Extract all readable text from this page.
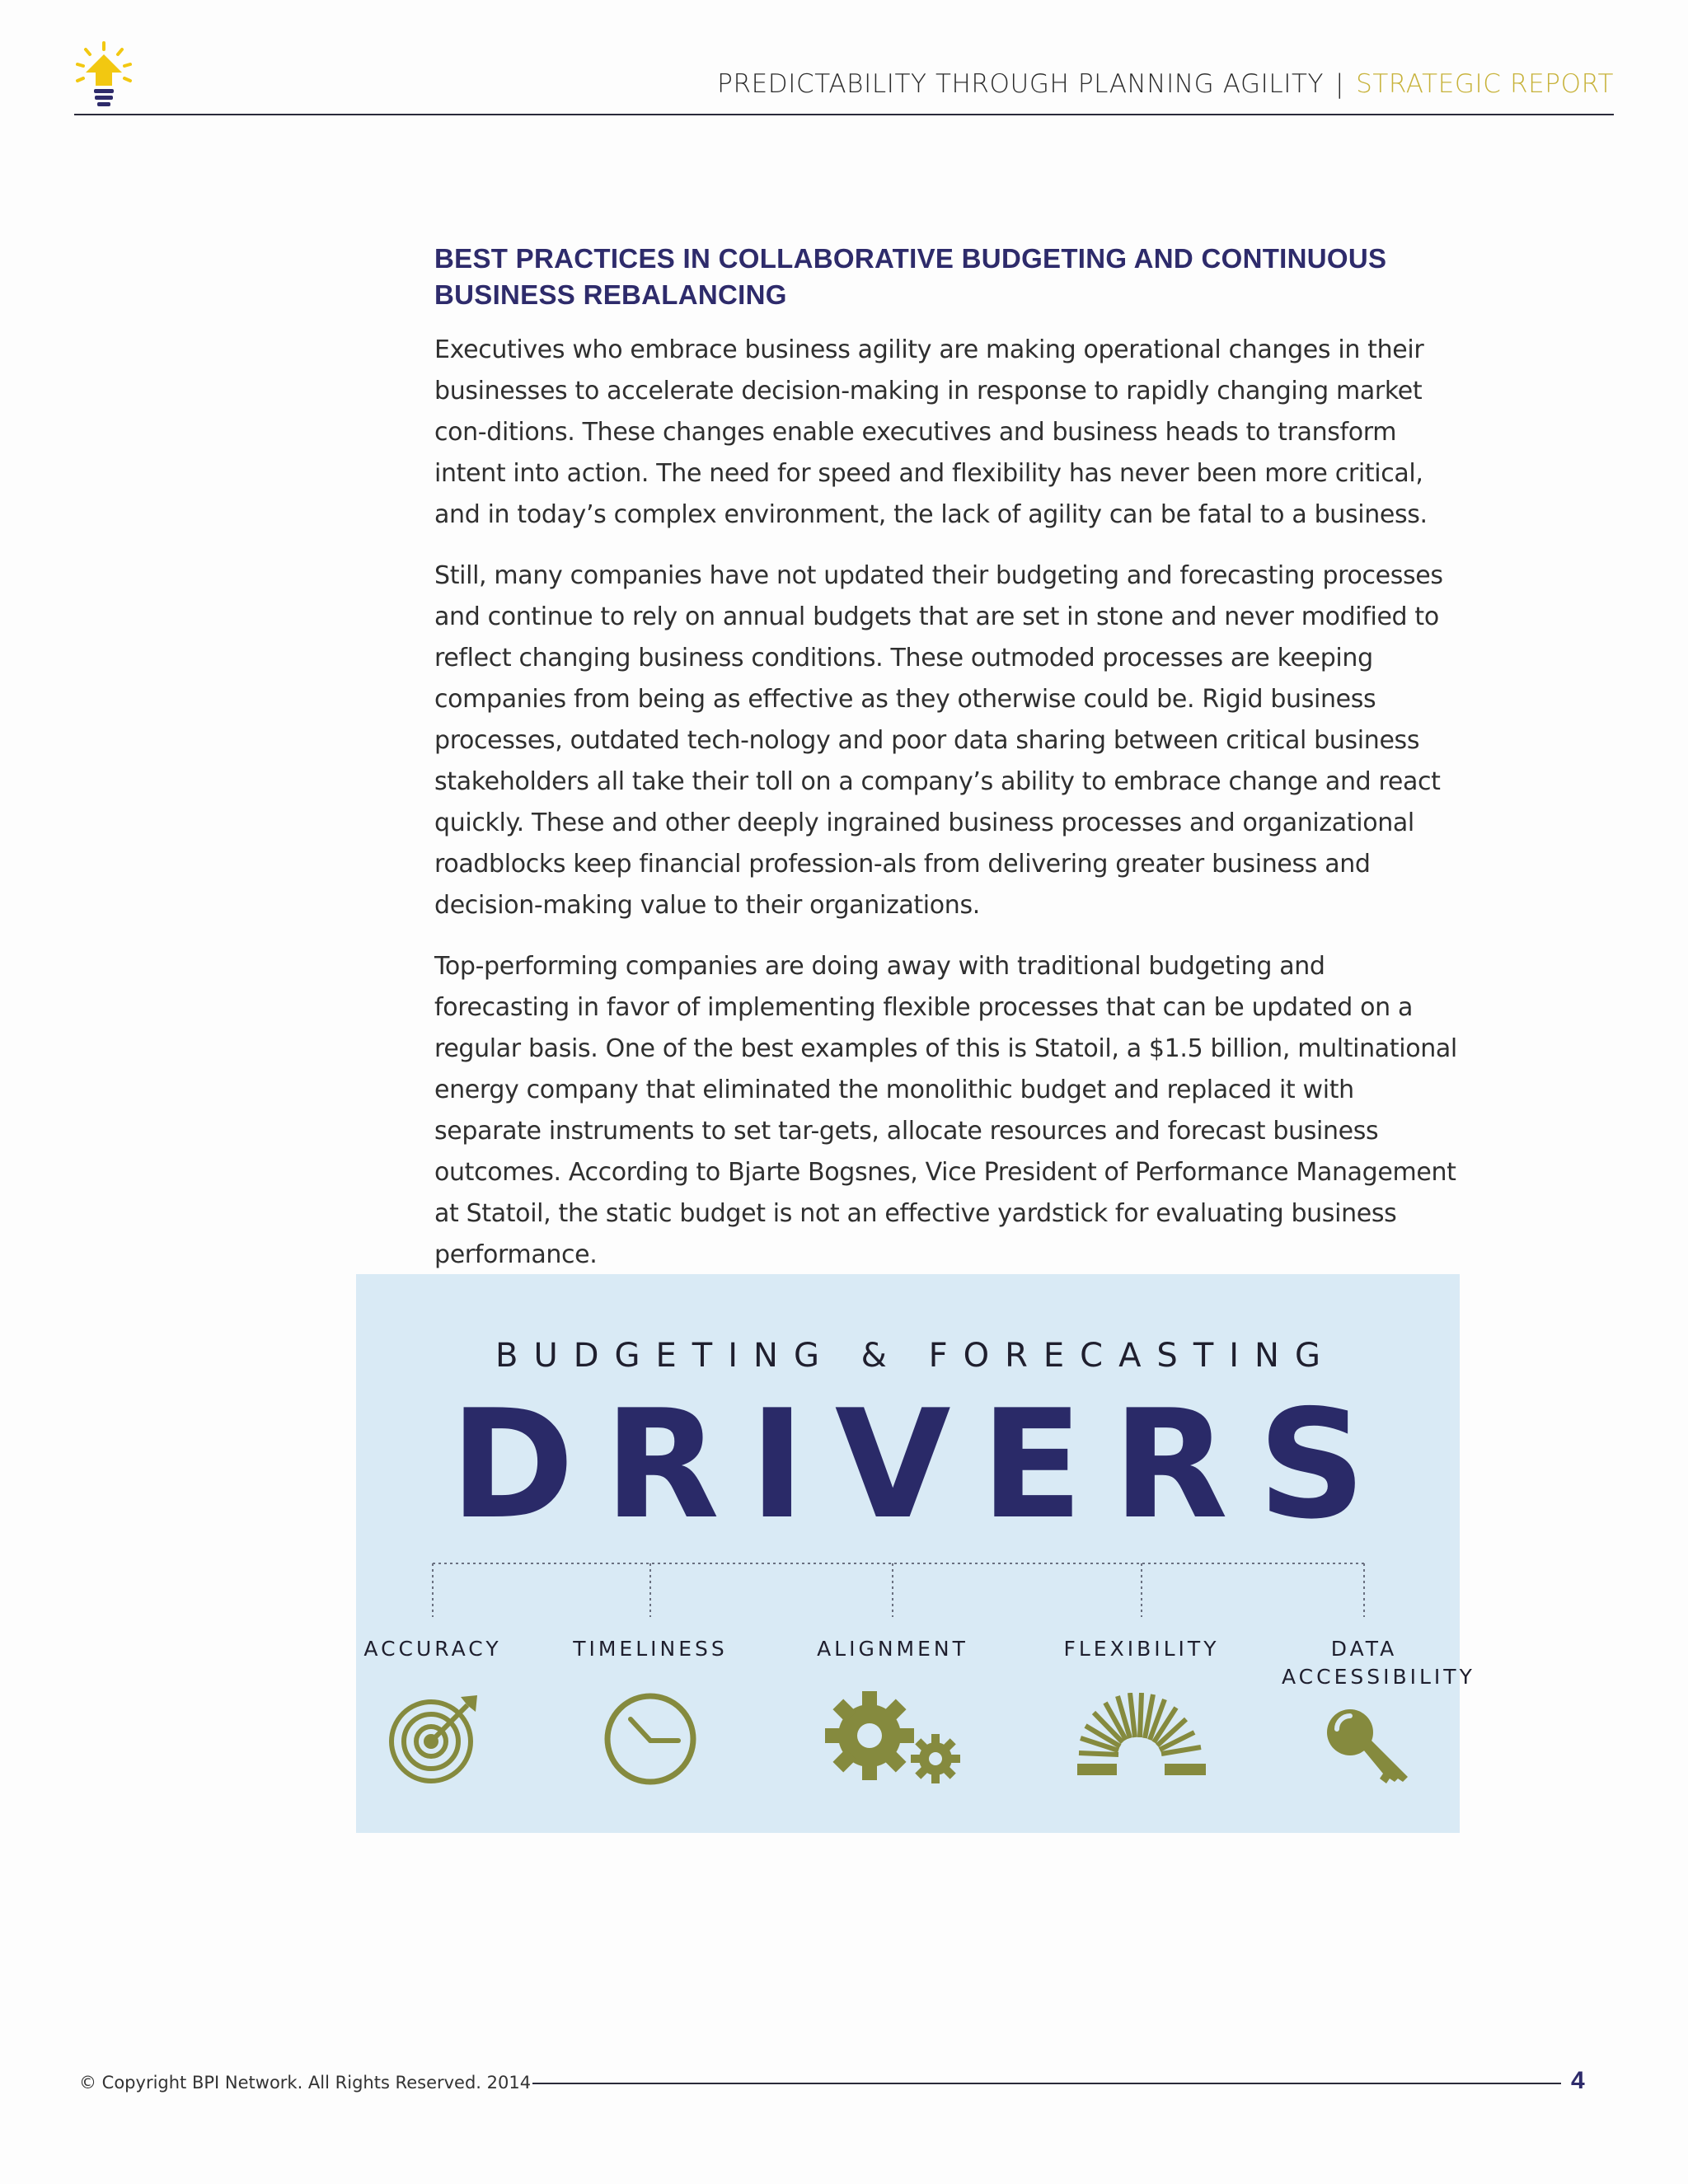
PREDICTABILITY THROUGH PLANNING AGILITY | STRATEGIC REPORT
BEST PRACTICES IN COLLABORATIVE BUDGETING AND CONTINUOUS
BUSINESS REBALANCING

Executives who embrace business agility are making operational changes in their businesses to accelerate decision-making in response to rapidly changing market con-ditions. These changes enable executives and business heads to transform intent into action. The need for speed and flexibility has never been more critical, and in today’s complex environment, the lack of agility can be fatal to a business.

Still, many companies have not updated their budgeting and forecasting processes and continue to rely on annual budgets that are set in stone and never modified to reflect changing business conditions. These outmoded processes are keeping companies from being as effective as they otherwise could be. Rigid business processes, outdated tech-nology and poor data sharing between critical business stakeholders all take their toll on a company’s ability to embrace change and react quickly. These and other deeply ingrained business processes and organizational roadblocks keep financial profession-als from delivering greater business and decision-making value to their organizations.

Top-performing companies are doing away with traditional budgeting and forecasting in favor of implementing flexible processes that can be updated on a regular basis. One of the best examples of this is Statoil, a $1.5 billion, multinational energy company that eliminated the monolithic budget and replaced it with separate instruments to set tar-gets, allocate resources and forecast business outcomes. According to Bjarte Bogsnes, Vice President of Performance Management at Statoil, the static budget is not an effective yardstick for evaluating business performance.

BUDGETING & FORECASTING
DRIVERS
ACCURACY	TIMELINESS	ALIGNMENT	FLEXIBILITY	DATA
ACCESSIBILITY
© Copyright BPI Network. All Rights Reserved. 2014	4
